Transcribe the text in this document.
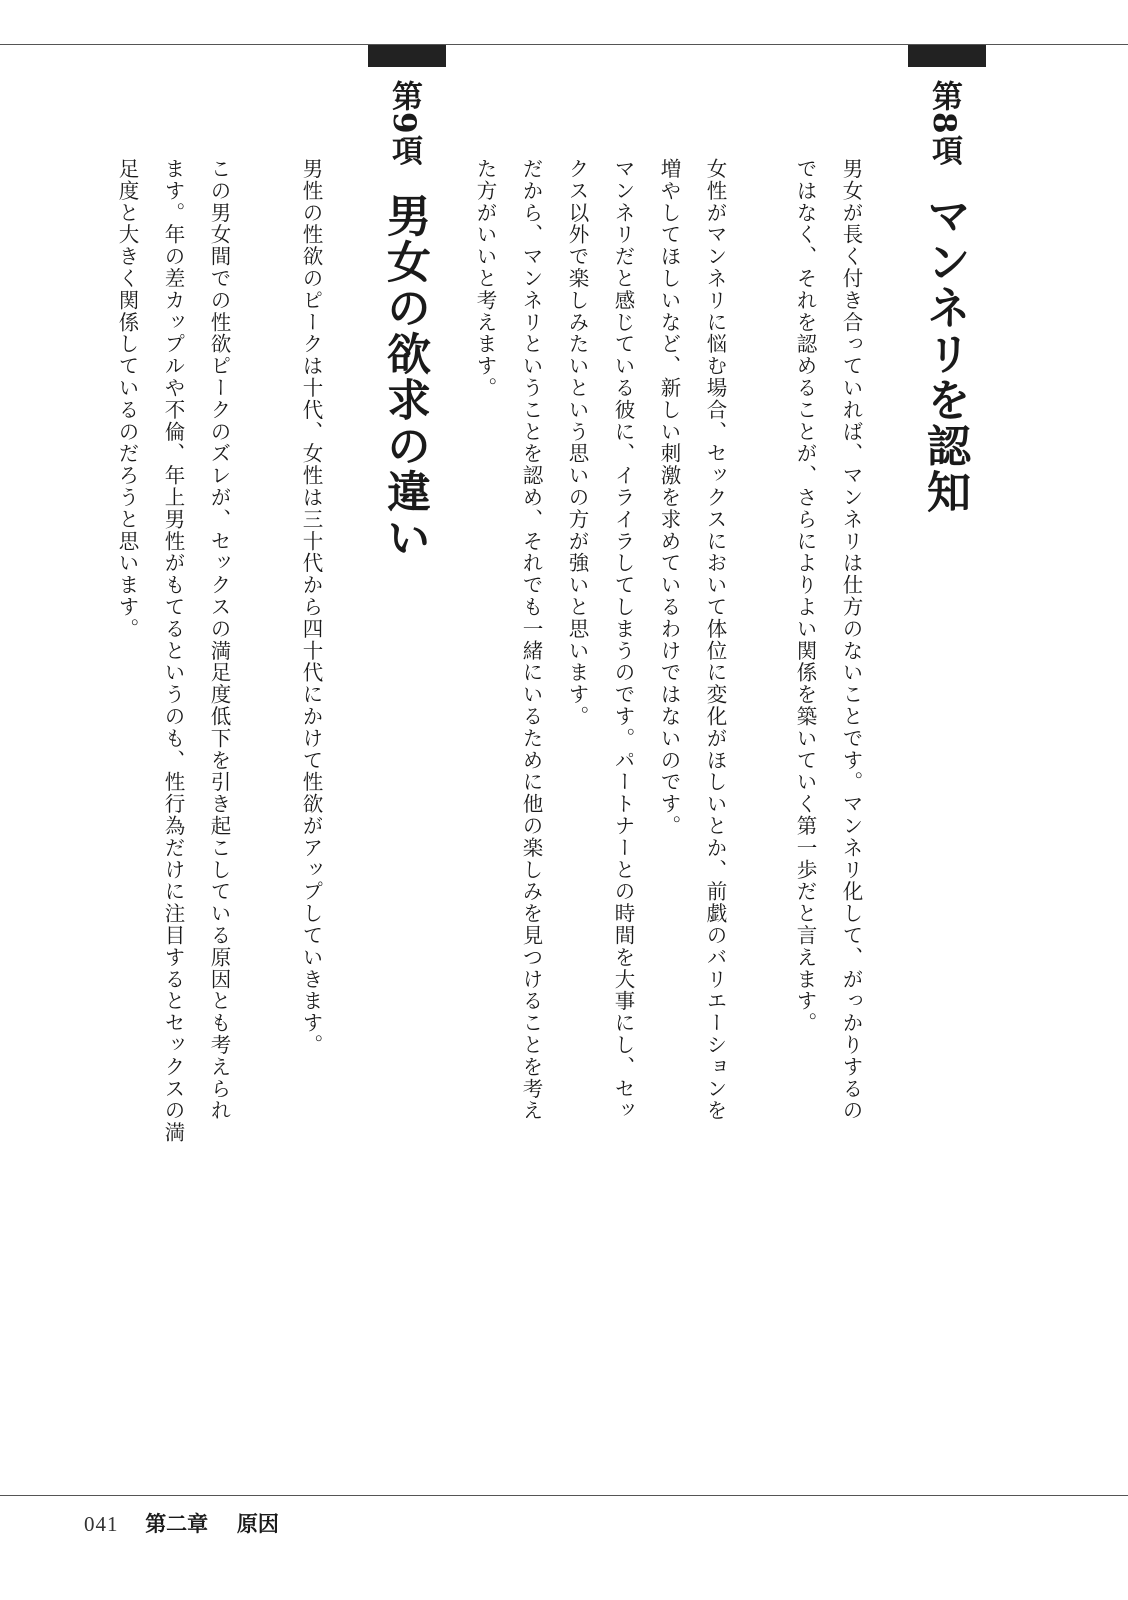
第8項マンネリを認知
男女が長く付き合っていれば、マンネリは仕方のないことです。マンネリ化して、がっかりするの
ではなく、それを認めることが、さらによりよい関係を築いていく第一歩だと言えます。
女性がマンネリに悩む場合、セックスにおいて体位に変化がほしいとか、前戯のバリエーションを
増やしてほしいなど、新しい刺激を求めているわけではないのです。
マンネリだと感じている彼に、イライラしてしまうのです。パートナーとの時間を大事にし、セッ
クス以外で楽しみたいという思いの方が強いと思います。
だから、マンネリということを認め、それでも一緒にいるために他の楽しみを見つけることを考え
た方がいいと考えます。
第9項男女の欲求の違い
男性の性欲のピークは十代、女性は三十代から四十代にかけて性欲がアップしていきます。
この男女間での性欲ピークのズレが、セックスの満足度低下を引き起こしている原因とも考えられ
ます。年の差カップルや不倫、年上男性がもてるというのも、性行為だけに注目するとセックスの満
足度と大きく関係しているのだろうと思います。
041 第二章 原因
